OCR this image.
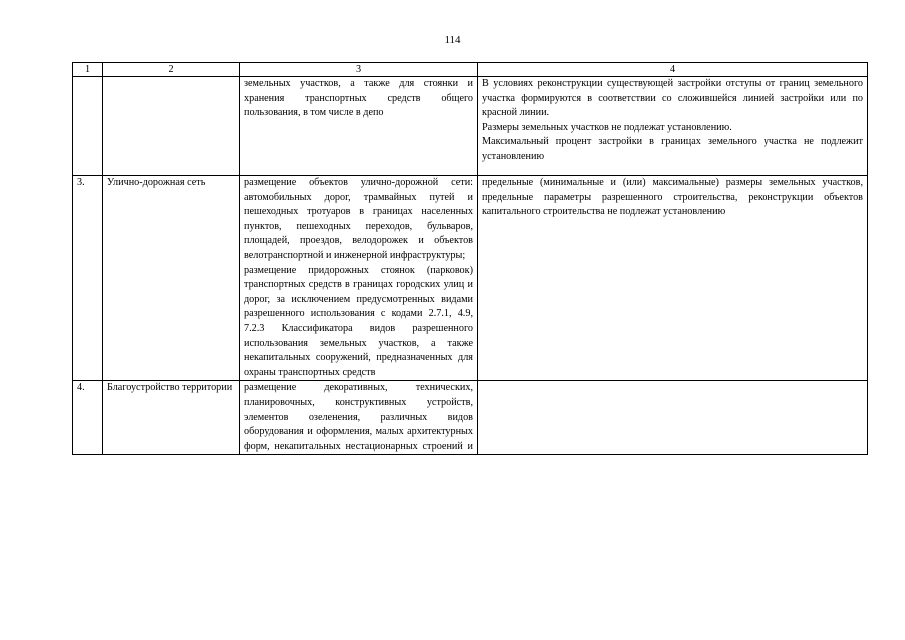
114
1	2	3	4

		земельных участков, а также для стоянки и хранения транспортных средств общего пользования, в том числе в депо	В условиях реконструкции существующей застройки отступы от границ земельного участка формируются в соответствии со сложившейся линией застройки или по красной линии.
Размеры земельных участков не подлежат установлению.
Максимальный процент застройки в границах земельного участка не подлежит установлению

3.	Улично-дорожная сеть	размещение объектов улично-дорожной сети: автомобильных дорог, трамвайных путей и пешеходных тротуаров в границах населенных пунктов, пешеходных переходов, бульваров, площадей, проездов, велодорожек и объектов велотранспортной и инженерной инфраструктуры;
размещение придорожных стоянок (парковок) транспортных средств в границах городских улиц и дорог, за исключением предусмотренных видами разрешенного использования с кодами 2.7.1, 4.9, 7.2.3 Классификатора видов разрешенного использования земельных участков, а также некапитальных сооружений, предназначенных для охраны транспортных средств	предельные (минимальные и (или) максимальные) размеры земельных участков, предельные параметры разрешенного строительства, реконструкции объектов капитального строительства не подлежат установлению

4.	Благоустройство территории	размещение декоративных, технических, планировочных, конструктивных устройств, элементов озеленения, различных видов оборудования и оформления, малых архитектурных форм, некапитальных нестационарных строений и	
